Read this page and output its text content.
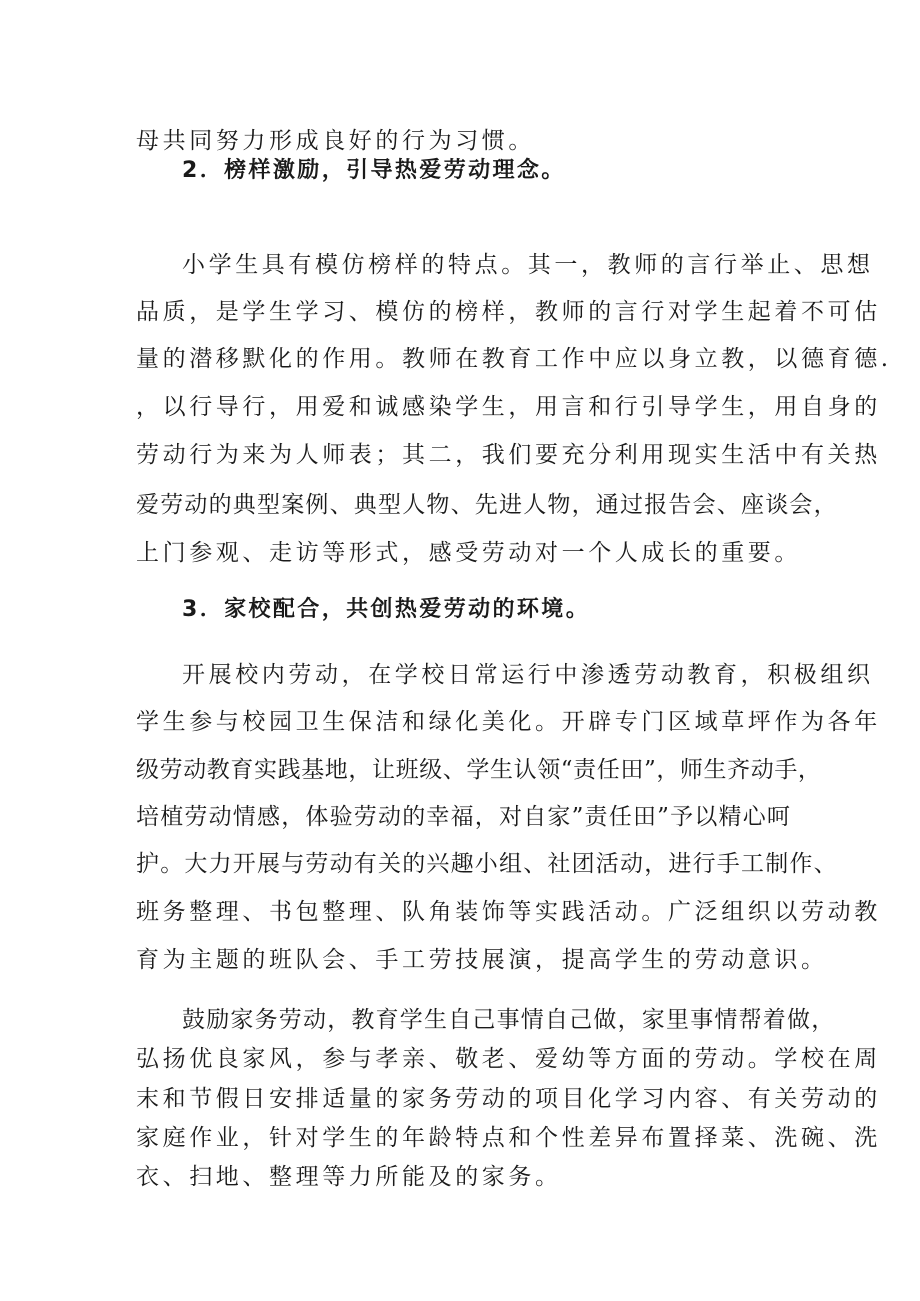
母共同努力形成良好的行为习惯。
2．榜样激励，引导热爱劳动理念。
小学生具有模仿榜样的特点。其一，教师的言行举止、思想
品质，是学生学习、模仿的榜样，教师的言行对学生起着不可估
量的潜移默化的作用。教师在教育工作中应以身立教，以德育德.
，以行导行，用爱和诚感染学生，用言和行引导学生，用自身的
劳动行为来为人师表；其二，我们要充分利用现实生活中有关热
爱劳动的典型案例、典型人物、先进人物，通过报告会、座谈会，
上门参观、走访等形式，感受劳动对一个人成长的重要。
3．家校配合，共创热爱劳动的环境。
开展校内劳动，在学校日常运行中渗透劳动教育，积极组织
学生参与校园卫生保洁和绿化美化。开辟专门区域草坪作为各年
级劳动教育实践基地，让班级、学生认领“责任田”，师生齐动手，
培植劳动情感，体验劳动的幸福，对自家”责任田”予以精心呵
护。大力开展与劳动有关的兴趣小组、社团活动，进行手工制作、
班务整理、书包整理、队角装饰等实践活动。广泛组织以劳动教
育为主题的班队会、手工劳技展演，提高学生的劳动意识。
鼓励家务劳动，教育学生自己事情自己做，家里事情帮着做，
弘扬优良家风，参与孝亲、敬老、爱幼等方面的劳动。学校在周
末和节假日安排适量的家务劳动的项目化学习内容、有关劳动的
家庭作业，针对学生的年龄特点和个性差异布置择菜、洗碗、洗
衣、扫地、整理等力所能及的家务。
